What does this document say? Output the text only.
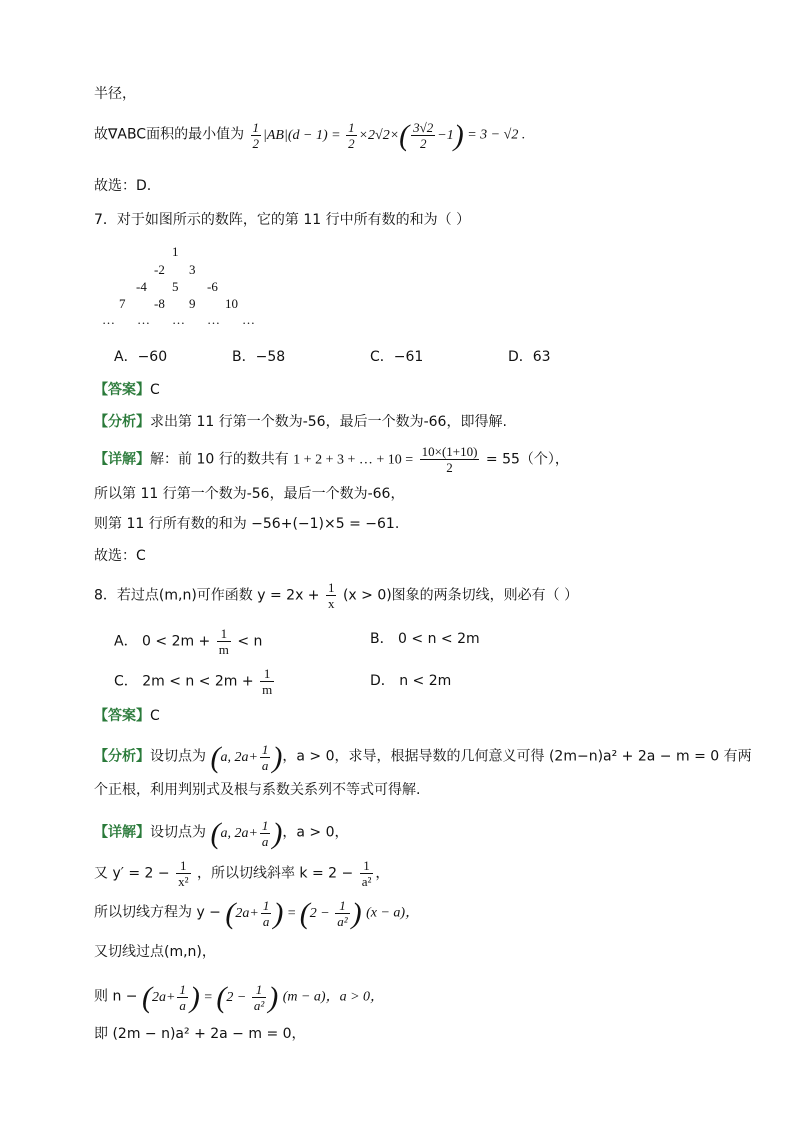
半径，
故∇ABC面积的最小值为 $\frac{1}{2} |AB|(d - 1) = \frac{1}{2} \times 2√2\times( \frac{3√2}{2} -1) = 3 - √2$ .
故选：D.
7．对于如图所示的数阵，它的第 11 行中所有数的和为（ ）
1
-2 3
-4 5 -6
7 -8 9 10
… … … … …
A．−60	B．−58	C．−61	D．63
【答案】C
【分析】求出第 11 行第一个数为-56，最后一个数为-66，即得解.
【详解】解：前 10 行的数共有 1 + 2 + 3 + … + $10 = \frac{10\times(1+10)}{2} = 55$（个），
所以第 11 行第一个数为-56，最后一个数为-66，
则第 11 行所有数的和为 −56+(−1)×5 = −61.
故选：C
8．若过点(m,n)可作函数 $y = 2x + \frac{1}{x} (x > 0)$图象的两条切线，则必有（ ）
A． $0 < 2m + \frac{1}{m} < n$	B． 0 < n < 2m
C． $2m < n < 2m + \frac{1}{m}$	D． n < 2m
【答案】C
【分析】设切点为 (a, $2a+ \frac{1}{a}$ )，a > 0，求导，根据导数的几何意义可得 (2m−n)a² + 2a − m = 0 有两
个正根，利用判别式及根与系数关系列不等式可得解.
【详解】设切点为 (a, $2a+ \frac{1}{a}$ )，a > 0，
又 $y' = 2 - \frac{1}{\text{x²}}$ ，所以切线斜率 $k = 2 - \frac{1}{\text{a²}}$ ，
所以切线方程为 $y - (2a+ \frac{1}{a}$ ) = ($2 - \frac{1}{\text{a²}}$ ) (x − a)，
又切线过点(m,n)，
则 $n - (2a+ \frac{1}{a}$ ) = ($2 - \frac{1}{\text{a²}}$ ) (m − a)，a > 0，
即 (2m − n)a² + 2a − m = 0，
